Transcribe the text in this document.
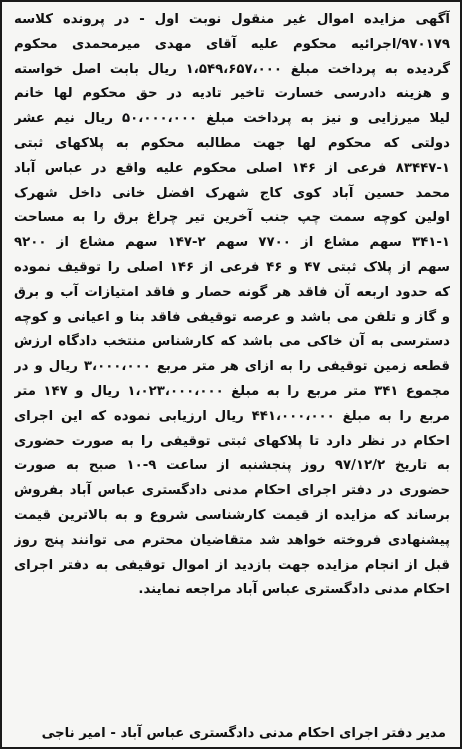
آگهی مزایده اموال غیر منقول نوبت اول - در پرونده کلاسه
۹۷۰۱۷۹/اجرائیه محکوم علیه آقای مهدی میرمحمدی محکوم
گردیده به پرداخت مبلغ ۱،۵۴۹،۶۵۷،۰۰۰ ریال بابت اصل خواسته
و هزینه دادرسی خسارت تاخیر تادیه در حق محکوم لها خانم
لیلا میرزایی و نیز به پرداخت مبلغ ۵۰،۰۰۰،۰۰۰ ریال نیم عشر
دولتی که محکوم لها جهت مطالبه محکوم به پلاکهای ثبتی
۸۳۴۴۷-۱ فرعی از ۱۴۶ اصلی محکوم علیه واقع در عباس آباد
محمد حسین آباد کوی کاج شهرک افضل خانی داخل شهرک
اولین کوچه سمت چپ جنب آخرین تیر چراغ برق را به مساحت
۳۴۱-۱ سهم مشاع از ۷۷۰۰ سهم ۲-۱۴۷ سهم مشاع از ۹۲۰۰
سهم از پلاک ثبتی ۴۷ و ۴۶ فرعی از ۱۴۶ اصلی را توقیف نموده
که حدود اربعه آن فاقد هر گونه حصار و فاقد امتیازات آب و برق
و گاز و تلفن می باشد و عرصه توقیفی فاقد بنا و اعیانی و کوچه
دسترسی به آن خاکی می باشد که کارشناس منتخب دادگاه ارزش
قطعه زمین توقیفی را به ازای هر متر مربع ۳،۰۰۰،۰۰۰ ریال و در
مجموع ۳۴۱ متر مربع را به مبلغ ۱،۰۲۳،۰۰۰،۰۰۰ ریال و ۱۴۷ متر
مربع را به مبلغ ۴۴۱،۰۰۰،۰۰۰ ریال ارزیابی نموده که این اجرای
احکام در نظر دارد تا پلاکهای ثبتی توقیفی را به صورت حضوری
به تاریخ ۹۷/۱۲/۲ روز پنجشنبه از ساعت ۹-۱۰ صبح به صورت
حضوری در دفتر اجرای احکام مدنی دادگستری عباس آباد بفروش
برساند که مزایده از قیمت کارشناسی شروع و به بالاترین قیمت
پیشنهادی فروخته خواهد شد متقاضیان محترم می توانند پنج روز
قبل از انجام مزایده جهت بازدید از اموال توقیفی به دفتر اجرای
احکام مدنی دادگستری عباس آباد مراجعه نمایند.
مدیر دفتر اجرای احکام مدنی دادگستری عباس آباد - امیر ناجی
